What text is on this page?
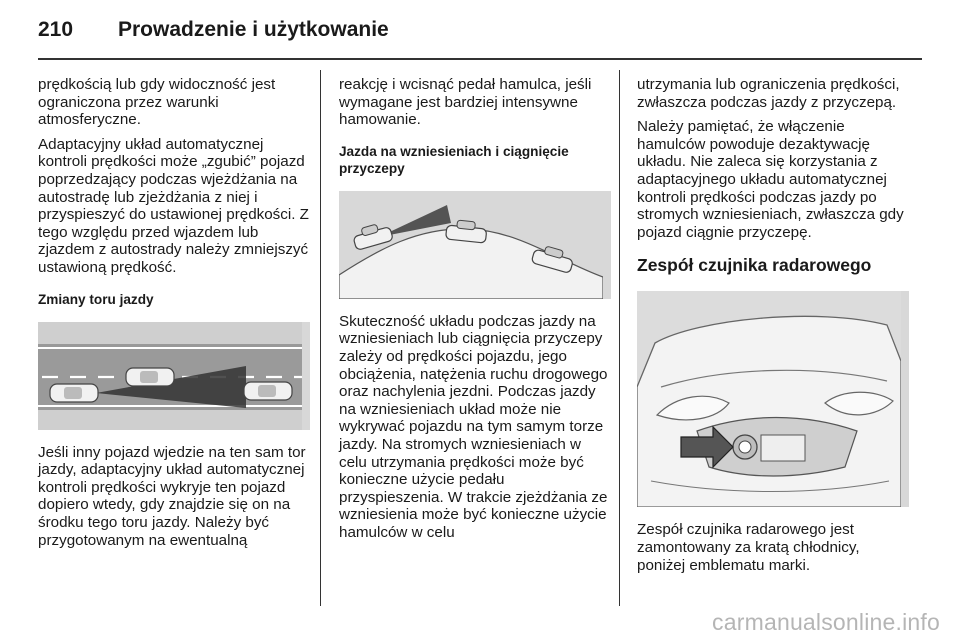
210 Prowadzenie i użytkowanie

prędkością lub gdy widoczność jest ograniczona przez warunki atmosferyczne.

Adaptacyjny układ automatycznej kontroli prędkości może „zgubić” pojazd poprzedzający podczas wjeżdżania na autostradę lub zjeżdżania z niej i przyspieszyć do ustawionej prędkości. Z tego względu przed wjazdem lub zjazdem z autostrady należy zmniejszyć ustawioną prędkość.

Zmiany toru jazdy

Jeśli inny pojazd wjedzie na ten sam tor jazdy, adaptacyjny układ automatycznej kontroli prędkości wykryje ten pojazd dopiero wtedy, gdy znajdzie się on na środku tego toru jazdy. Należy być przygotowanym na ewentualną

reakcję i wcisnąć pedał hamulca, jeśli wymagane jest bardziej intensywne hamowanie.

Jazda na wzniesieniach i ciągnięcie przyczepy

Skuteczność układu podczas jazdy na wzniesieniach lub ciągnięcia przyczepy zależy od prędkości pojazdu, jego obciążenia, natężenia ruchu drogowego oraz nachylenia jezdni. Podczas jazdy na wzniesieniach układ może nie wykrywać pojazdu na tym samym torze jazdy. Na stromych wzniesieniach w celu utrzymania prędkości może być konieczne użycie pedału przyspieszenia. W trakcie zjeżdżania ze wzniesienia może być konieczne użycie hamulców w celu

utrzymania lub ograniczenia prędkości, zwłaszcza podczas jazdy z przyczepą.

Należy pamiętać, że włączenie hamulców powoduje dezaktywację układu. Nie zaleca się korzystania z adaptacyjnego układu automatycznej kontroli prędkości podczas jazdy po stromych wzniesieniach, zwłaszcza gdy pojazd ciągnie przyczepę.

Zespół czujnika radarowego

Zespół czujnika radarowego jest zamontowany za kratą chłodnicy, poniżej emblematu marki.

carmanualsonline.info
